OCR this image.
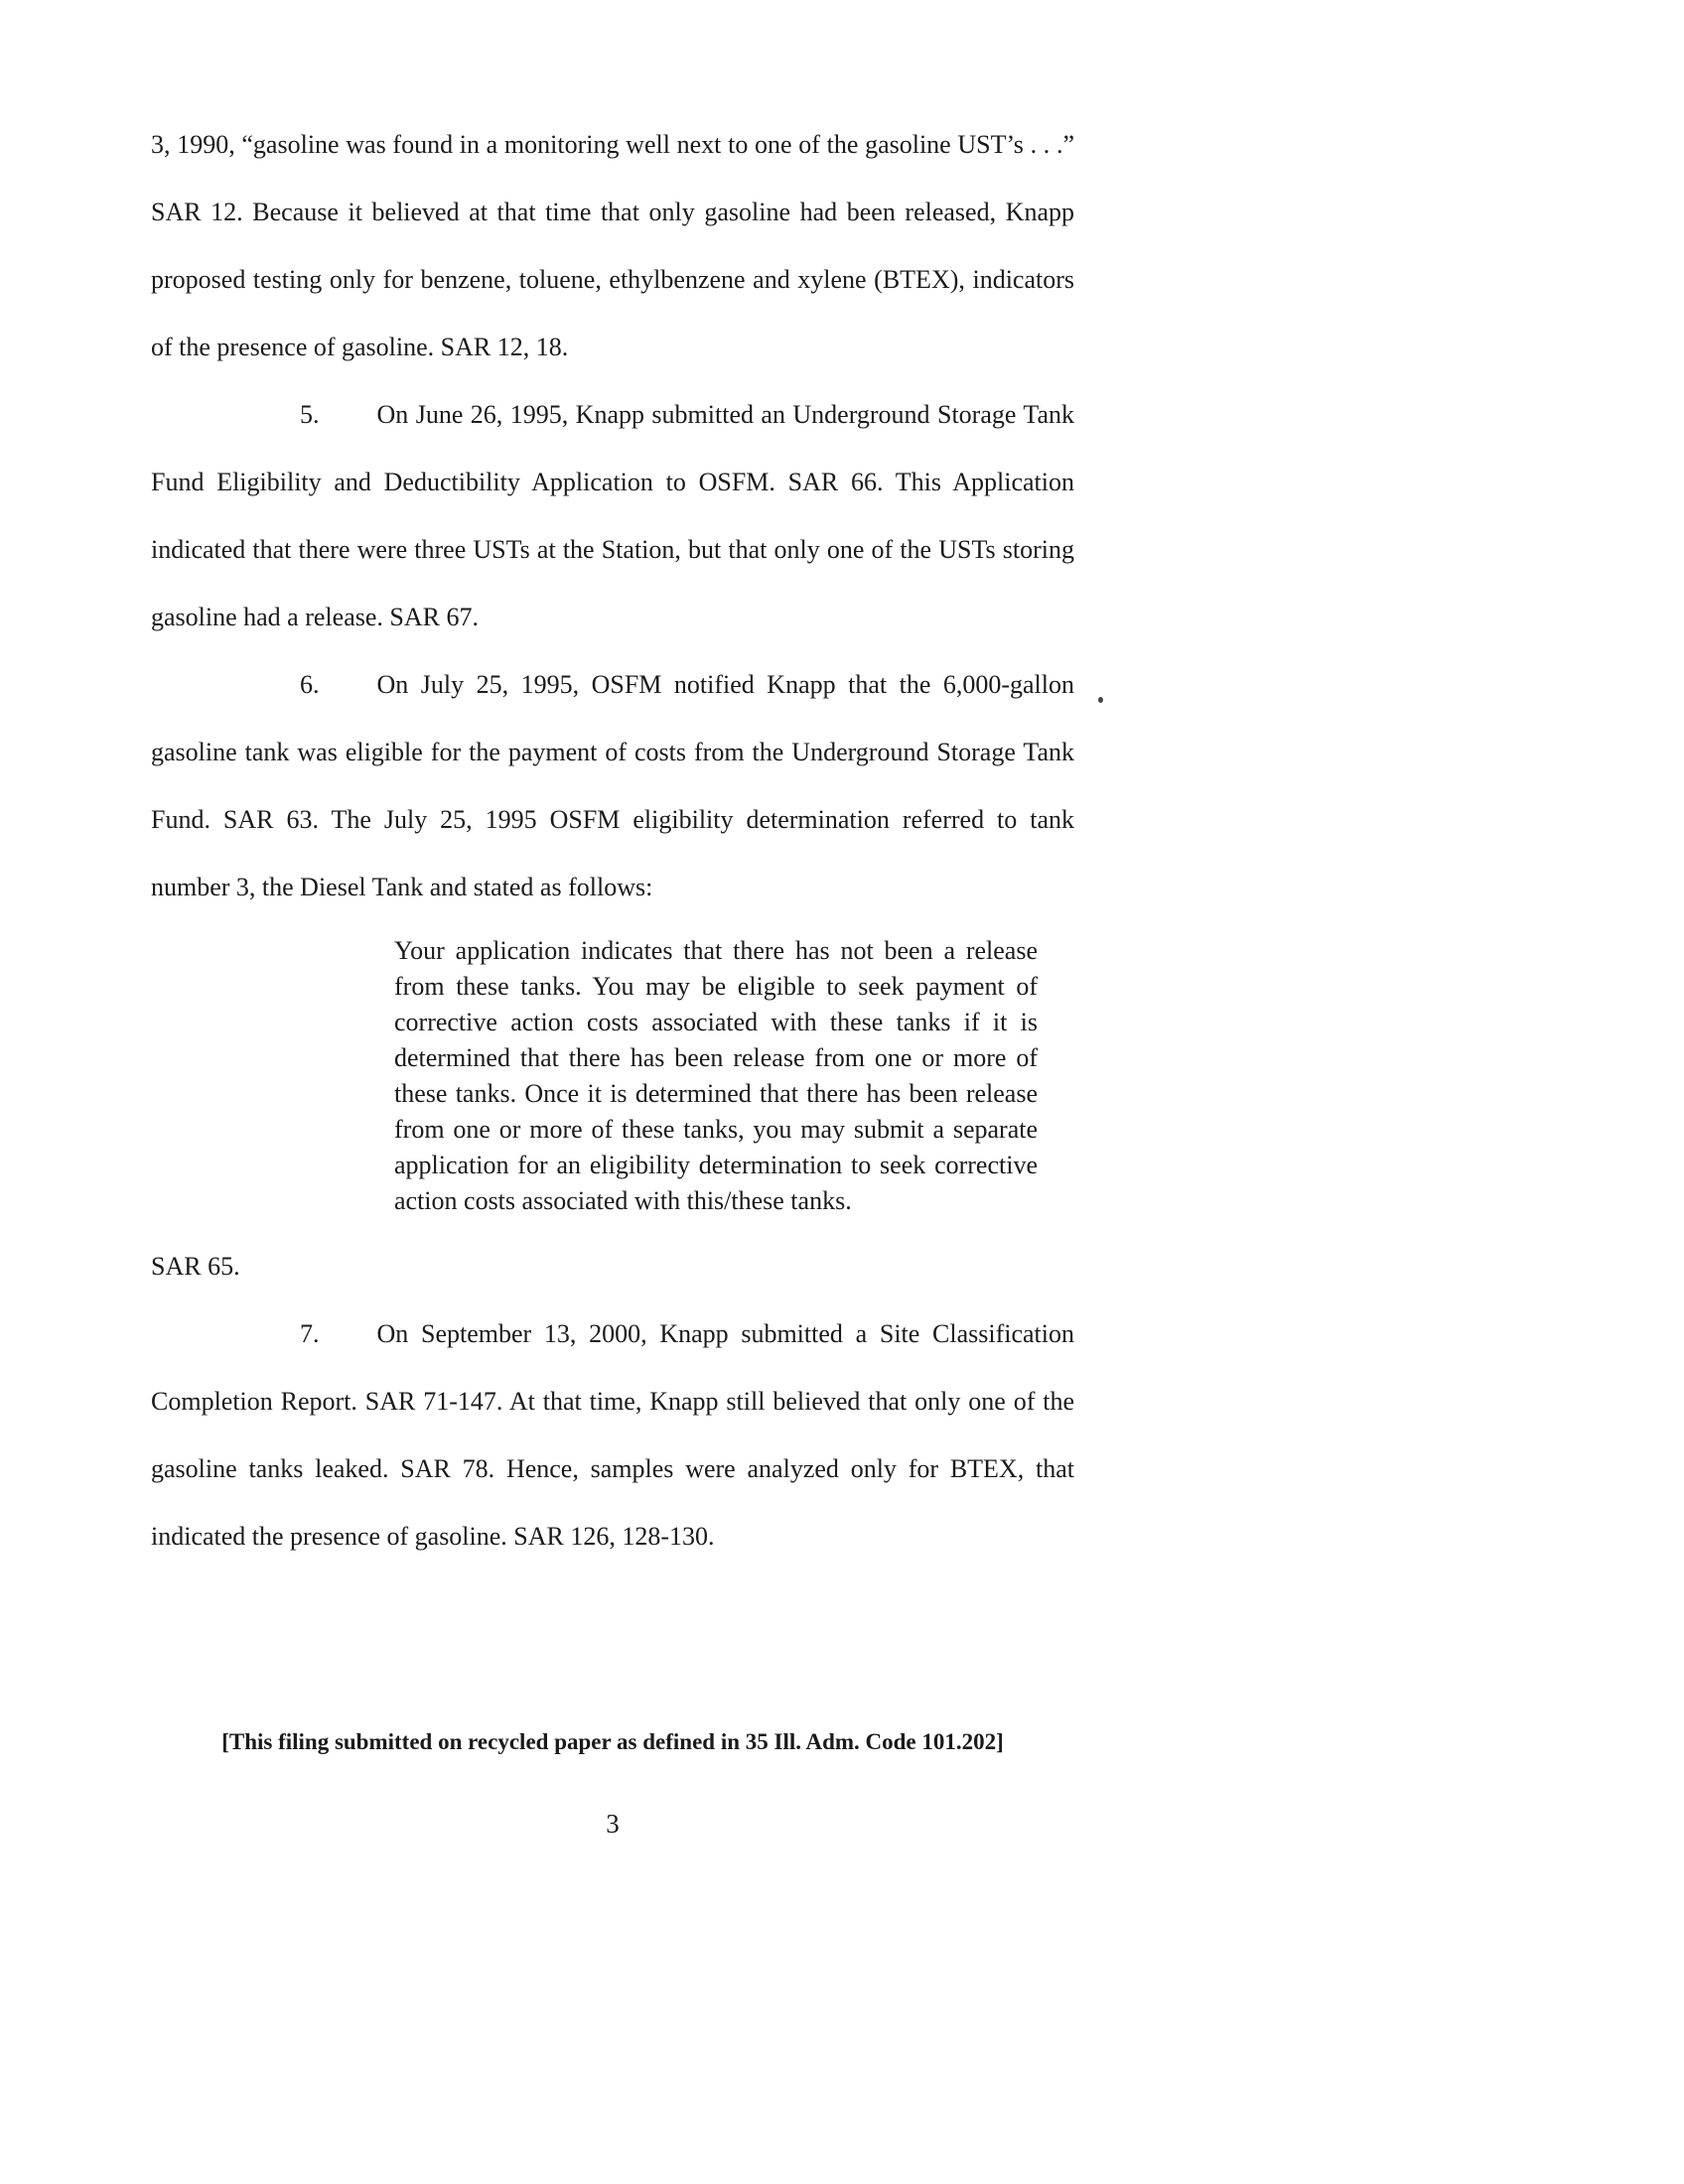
3, 1990, “gasoline was found in a monitoring well next to one of the gasoline UST’s . . .” SAR 12. Because it believed at that time that only gasoline had been released, Knapp proposed testing only for benzene, toluene, ethylbenzene and xylene (BTEX), indicators of the presence of gasoline. SAR 12, 18.

5. On June 26, 1995, Knapp submitted an Underground Storage Tank Fund Eligibility and Deductibility Application to OSFM. SAR 66. This Application indicated that there were three USTs at the Station, but that only one of the USTs storing gasoline had a release. SAR 67.

6. On July 25, 1995, OSFM notified Knapp that the 6,000-gallon gasoline tank was eligible for the payment of costs from the Underground Storage Tank Fund. SAR 63. The July 25, 1995 OSFM eligibility determination referred to tank number 3, the Diesel Tank and stated as follows:

Your application indicates that there has not been a release from these tanks. You may be eligible to seek payment of corrective action costs associated with these tanks if it is determined that there has been release from one or more of these tanks. Once it is determined that there has been release from one or more of these tanks, you may submit a separate application for an eligibility determination to seek corrective action costs associated with this/these tanks.

SAR 65.

7. On September 13, 2000, Knapp submitted a Site Classification Completion Report. SAR 71-147. At that time, Knapp still believed that only one of the gasoline tanks leaked. SAR 78. Hence, samples were analyzed only for BTEX, that indicated the presence of gasoline. SAR 126, 128-130.

[This filing submitted on recycled paper as defined in 35 Ill. Adm. Code 101.202]
3
